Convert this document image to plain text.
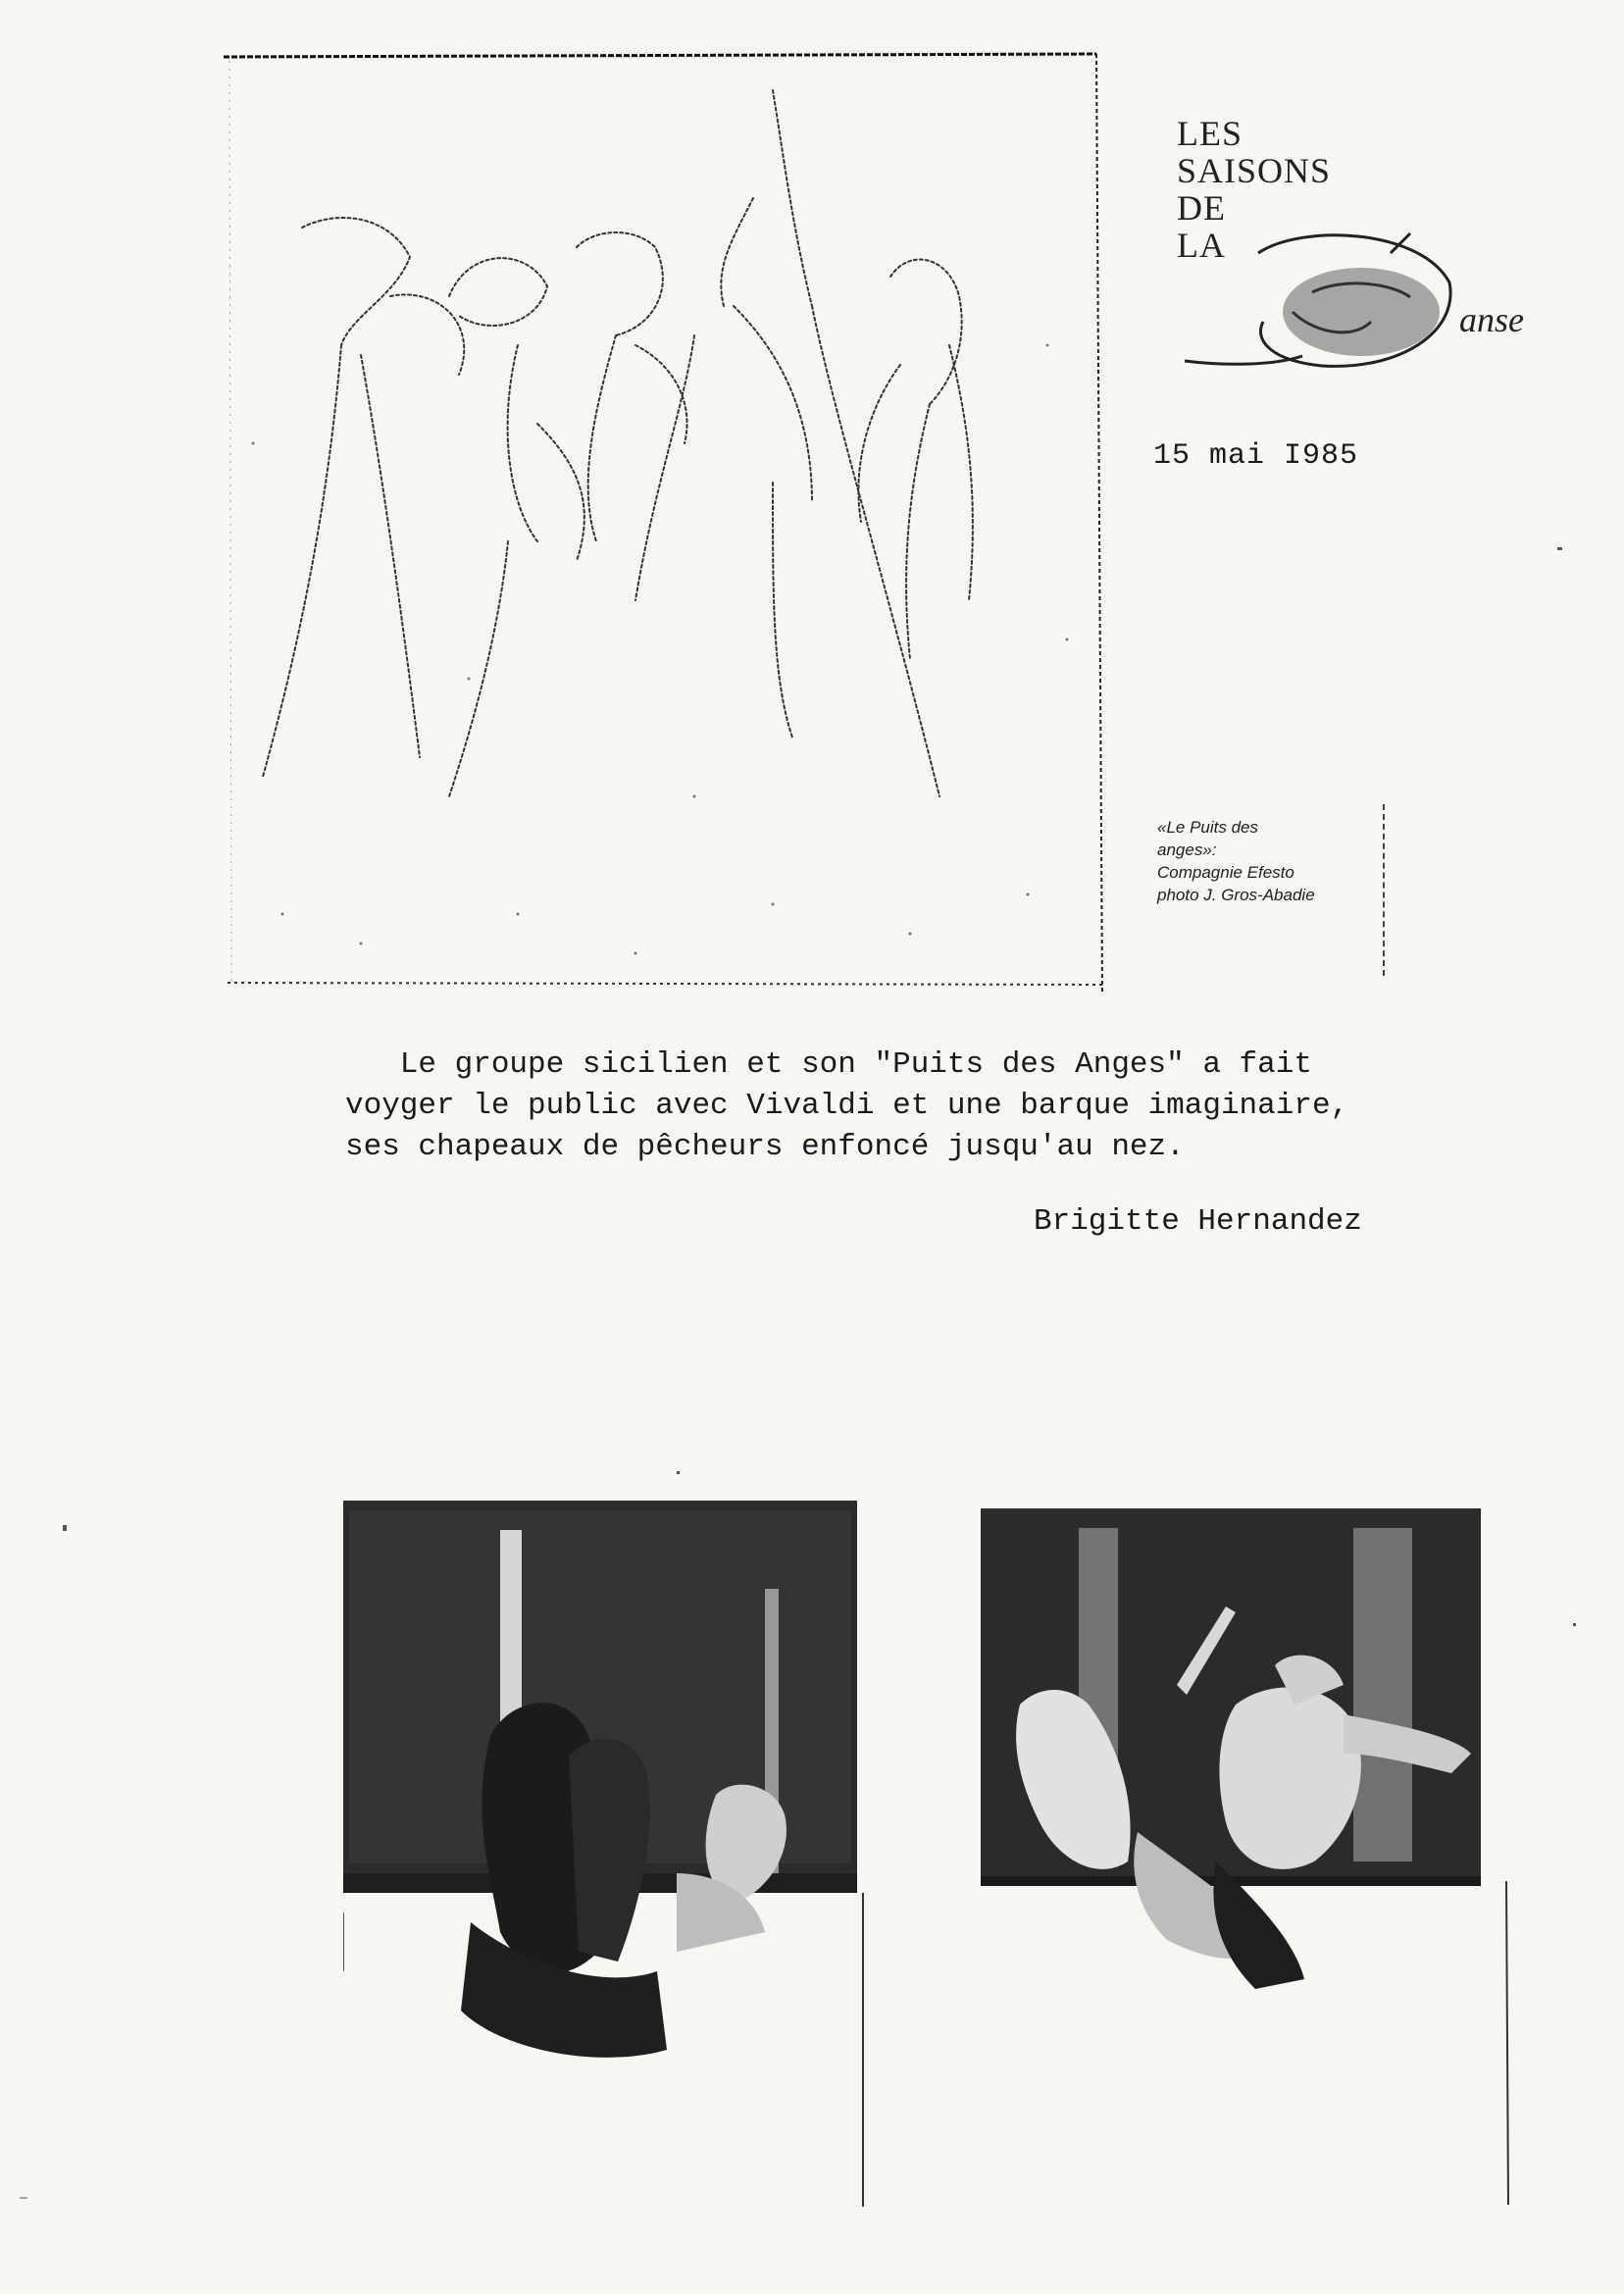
LES
SAISONS
DE
LA
anse
15 mai I985
«Le Puits des
anges»:
Compagnie Efesto
photo J. Gros-Abadie
Le groupe sicilien et son "Puits des Anges" a fait
voyger le public avec Vivaldi et une barque imaginaire,
ses chapeaux de pêcheurs enfoncé jusqu'au nez.
Brigitte Hernandez
